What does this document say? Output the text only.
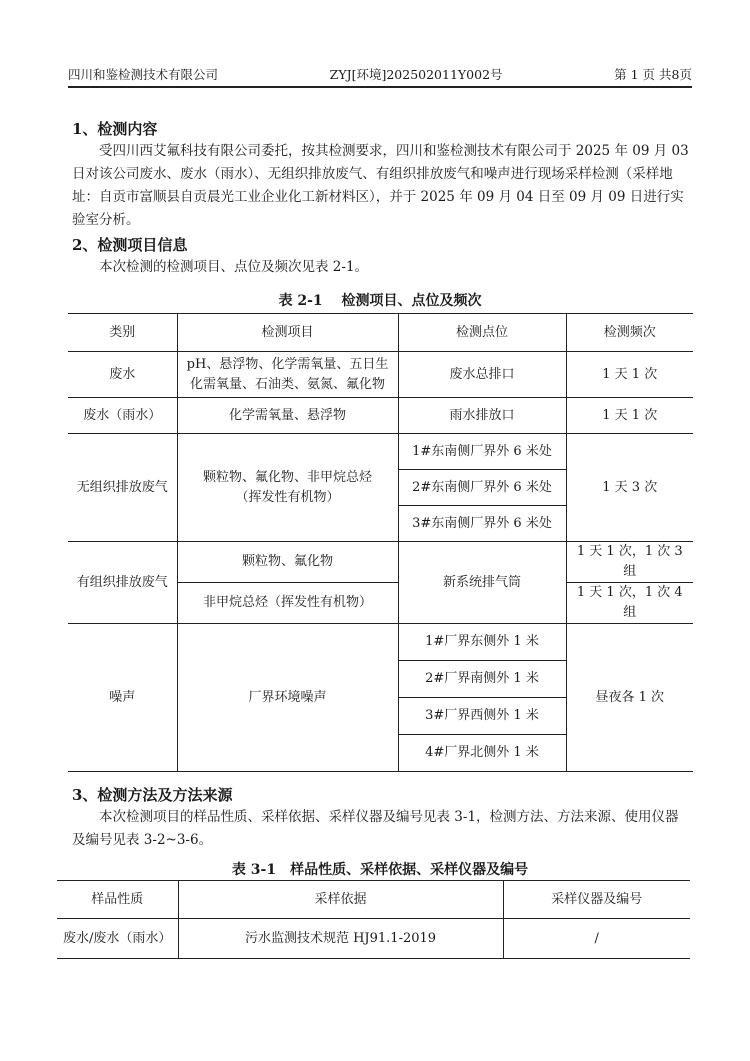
四川和鉴检测技术有限公司	ZYJ[环境]202502011Y002号	第 1 页 共8页
1、检测内容
受四川西艾氟科技有限公司委托，按其检测要求，四川和鉴检测技术有限公司于 2025 年 09 月 03 日对该公司废水、废水（雨水）、无组织排放废气、有组织排放废气和噪声进行现场采样检测（采样地址：自贡市富顺县自贡晨光工业企业化工新材料区），并于 2025 年 09 月 04 日至 09 月 09 日进行实验室分析。
2、检测项目信息
本次检测的检测项目、点位及频次见表 2-1。
表 2-1　 检测项目、点位及频次
类别	检测项目	检测点位	检测频次
废水	pH、悬浮物、化学需氧量、五日生化需氧量、石油类、氨氮、氟化物	废水总排口	1 天 1 次
废水（雨水）	化学需氧量、悬浮物	雨水排放口	1 天 1 次
无组织排放废气	颗粒物、氟化物、非甲烷总烃（挥发性有机物）	1#东南侧厂界外 6 米处	1 天 3 次
		2#东南侧厂界外 6 米处	
		3#东南侧厂界外 6 米处	
有组织排放废气	颗粒物、氟化物	新系统排气筒	1 天 1 次，1 次 3 组
	非甲烷总烃（挥发性有机物）		1 天 1 次，1 次 4 组
噪声	厂界环境噪声	1#厂界东侧外 1 米	昼夜各 1 次
		2#厂界南侧外 1 米	
		3#厂界西侧外 1 米	
		4#厂界北侧外 1 米	
3、检测方法及方法来源
本次检测项目的样品性质、采样依据、采样仪器及编号见表 3-1，检测方法、方法来源、使用仪器及编号见表 3-2~3-6。
表 3-1　样品性质、采样依据、采样仪器及编号
样品性质	采样依据	采样仪器及编号
废水/废水（雨水）	污水监测技术规范 HJ91.1-2019	/
